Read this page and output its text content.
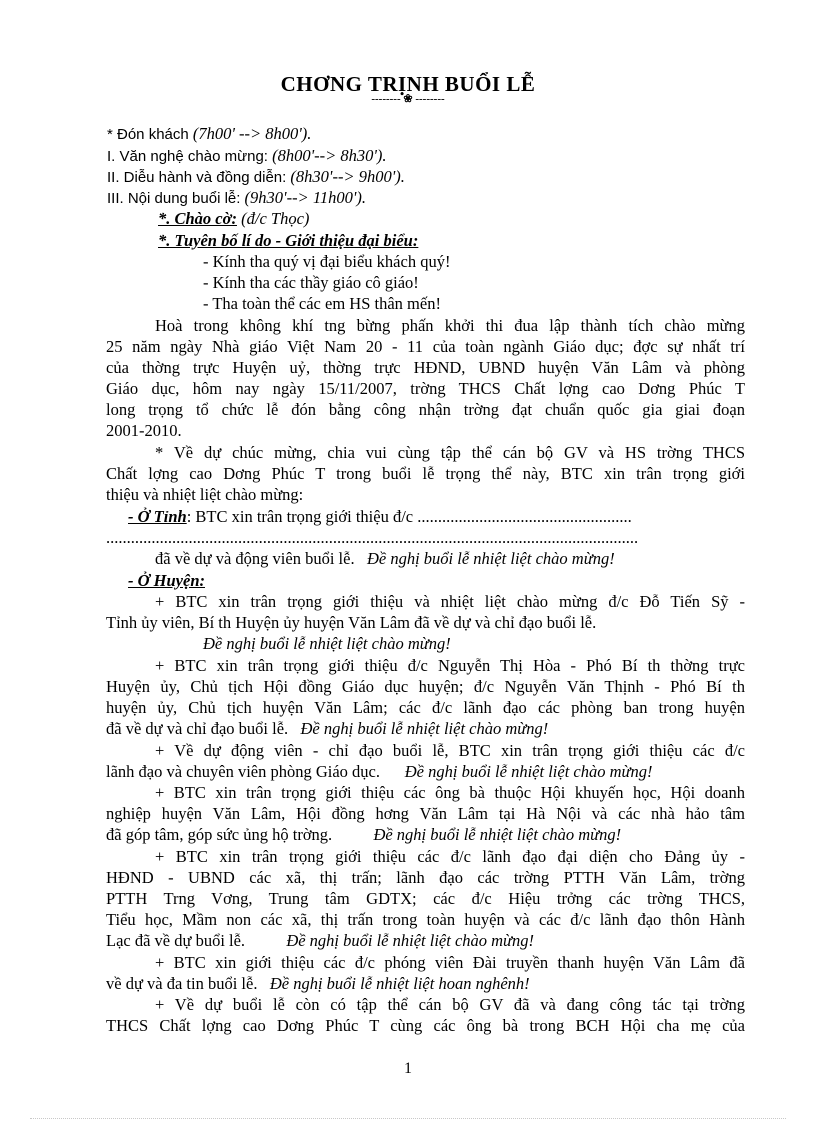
CHƠNG TRỊNH BUỔI LỄ
-------- ❀ --------
* Đón khách (7h00' --> 8h00').
I. Văn nghệ chào mừng: (8h00'--> 8h30').
II. Diễu hành và đồng diễn: (8h30'--> 9h00').
III. Nội dung buổi lễ: (9h30'--> 11h00').
*. Chào cờ: (đ/c Thọc)
*. Tuyên bố lí do - Giới thiệu đại biểu:
- Kính tha quý vị đại biểu khách quý!
- Kính tha các thầy giáo cô giáo!
- Tha toàn thể các em HS thân mến!
Hoà trong không khí tng bừng phấn khởi thi đua lập thành tích chào mừng
25 năm ngày Nhà giáo Việt Nam 20 - 11 của toàn ngành Giáo dục; đợc sự nhất trí
của thờng trực Huyện uỷ, thờng trực HĐND, UBND huyện Văn Lâm và phòng
Giáo dục, hôm nay ngày 15/11/2007, trờng THCS Chất lợng cao Dơng Phúc T
long trọng tổ chức lễ đón bằng công nhận trờng đạt chuẩn quốc gia giai đoạn
2001-2010.
* Về dự chúc mừng, chia vui cùng tập thể cán bộ GV và HS trờng THCS
Chất lợng cao Dơng Phúc T trong buổi lễ trọng thể này, BTC xin trân trọng giới
thiệu và nhiệt liệt chào mừng:
- Ở Tỉnh: BTC xin trân trọng giới thiệu đ/c ....................................................
.................................................................................................................................
đã về dự và động viên buổi lễ. Đề nghị buổi lễ nhiệt liệt chào mừng!
- Ở Huyện:
+ BTC xin trân trọng giới thiệu và nhiệt liệt chào mừng đ/c Đỗ Tiến Sỹ -
Tỉnh ủy viên, Bí th Huyện ủy huyện Văn Lâm đã về dự và chỉ đạo buổi lễ.
Đề nghị buổi lễ nhiệt liệt chào mừng!
+ BTC xin trân trọng giới thiệu đ/c Nguyễn Thị Hòa - Phó Bí th thờng trực
Huyện ủy, Chủ tịch Hội đồng Giáo dục huyện; đ/c Nguyễn Văn Thịnh - Phó Bí th
huyện ủy, Chủ tịch huyện Văn Lâm; các đ/c lãnh đạo các phòng ban trong huyện
đã về dự và chỉ đạo buổi lễ. Đề nghị buổi lễ nhiệt liệt chào mừng!
+ Về dự động viên - chỉ đạo buổi lễ, BTC xin trân trọng giới thiệu các đ/c
lãnh đạo và chuyên viên phòng Giáo dục. Đề nghị buổi lễ nhiệt liệt chào mừng!
+ BTC xin trân trọng giới thiệu các ông bà thuộc Hội khuyến học, Hội doanh
nghiệp huyện Văn Lâm, Hội đồng hơng Văn Lâm tại Hà Nội và các nhà hảo tâm
đã góp tâm, góp sức ủng hộ trờng.	Đề nghị buổi lễ nhiệt liệt chào mừng!
+ BTC xin trân trọng giới thiệu các đ/c lãnh đạo đại diện cho Đảng ủy -
HĐND - UBND các xã, thị trấn; lãnh đạo các trờng PTTH Văn Lâm, trờng
PTTH Trng Vơng, Trung tâm GDTX; các đ/c Hiệu trởng các trờng THCS,
Tiểu học, Mầm non các xã, thị trấn trong toàn huyện và các đ/c lãnh đạo thôn Hành
Lạc đã về dự buổi lễ.	Đề nghị buổi lễ nhiệt liệt chào mừng!
+ BTC xin giới thiệu các đ/c phóng viên Đài truyền thanh huyện Văn Lâm đã
về dự và đa tin buổi lễ. Đề nghị buổi lễ nhiệt liệt hoan nghênh!
+ Về dự buổi lễ còn có tập thể cán bộ GV đã và đang công tác tại trờng
THCS Chất lợng cao Dơng Phúc T cùng các ông bà trong BCH Hội cha mẹ của
1
